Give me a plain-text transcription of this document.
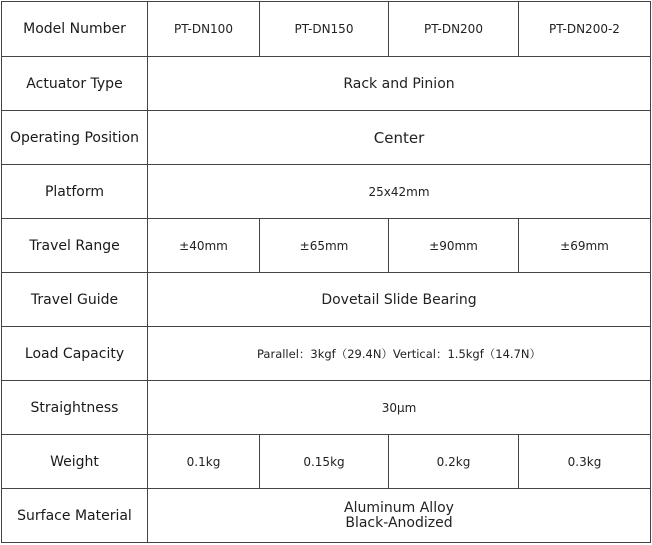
Model Number	PT-DN100	PT-DN150	PT-DN200	PT-DN200-2
Actuator Type	Rack and Pinion			
Operating Position	Center			
Platform	25x42mm			
Travel Range	±40mm	±65mm	±90mm	±69mm
Travel Guide	Dovetail Slide Bearing			
Load Capacity	Parallel：3kgf（29.4N）Vertical：1.5kgf（14.7N）			
Straightness	30μm			
Weight	0.1kg	0.15kg	0.2kg	0.3kg
Surface Material	Aluminum Alloy
Black-Anodized			
